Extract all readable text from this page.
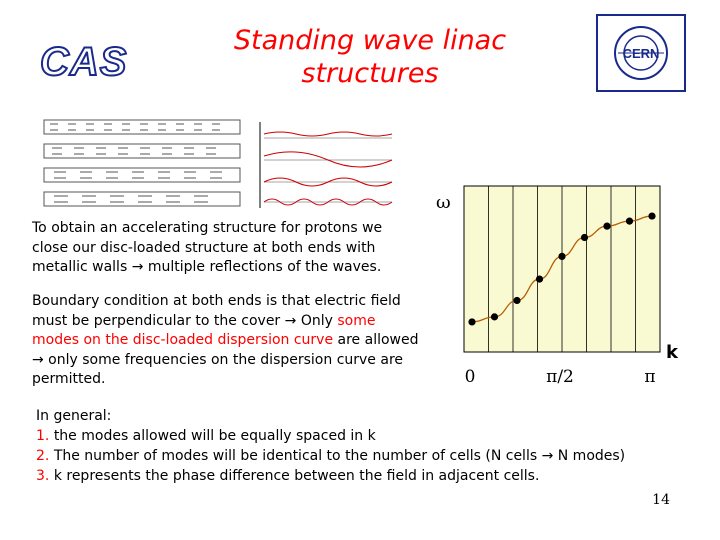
CAS	Standing wave linac
structures
CERN
To obtain an accelerating structure for protons we close our disc-loaded structure at both ends with metallic walls → multiple reflections of the waves.
Boundary condition at both ends is that electric field must be perpendicular to the cover → Only some modes on the disc-loaded dispersion curve are allowed → only some frequencies on the dispersion curve are permitted.
ω
k
0	π/2	π
In general:
1. the modes allowed will be equally spaced in k
2. The number of modes will be identical to the number of cells (N cells → N modes)
3. k represents the phase difference between the field in adjacent cells.
14
